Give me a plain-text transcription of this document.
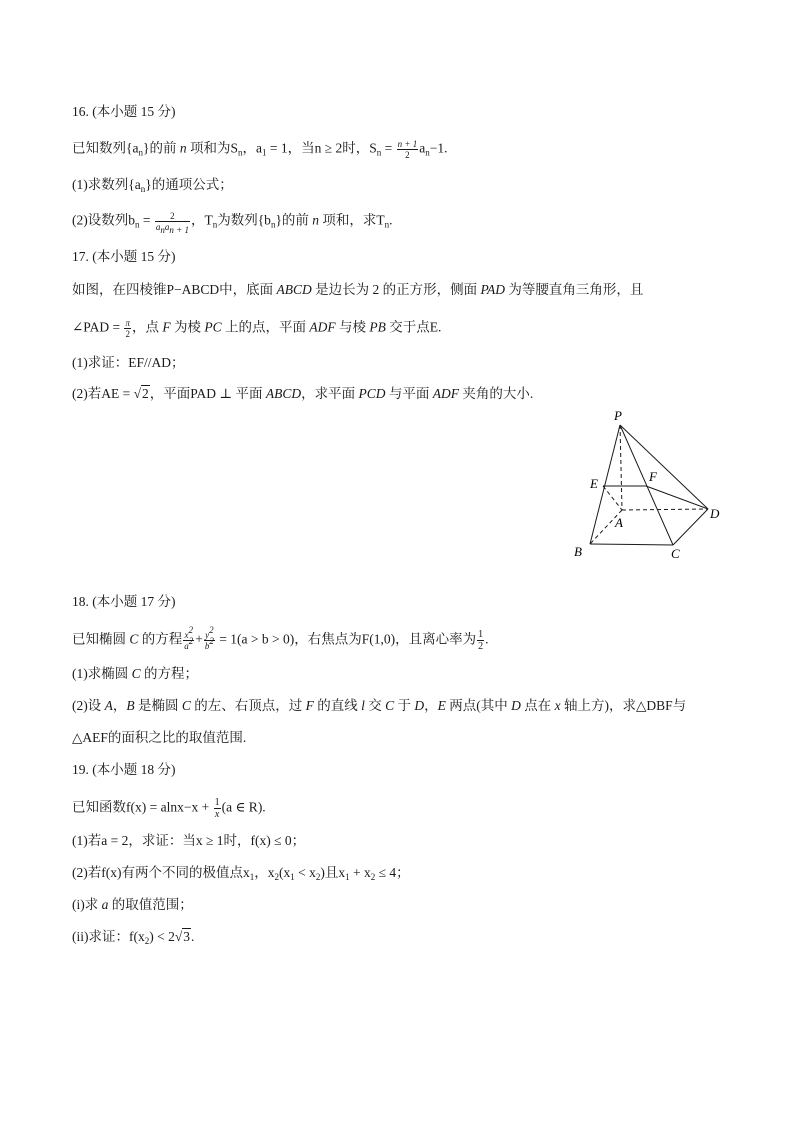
16. (本小题 15 分)
已知数列$\{a_n\}$的前 n 项和为$S_n$，$a_1 = 1$，当n ≥ 2时，$S_n = \frac{n + 1}{2} a_n-1$.
(1)求数列$\{a_n\}$的通项公式；
(2)设数列$b_n = \frac{2}{a_na_{n + 1}}$ ，$T_n$为数列$\{b_n\}$的前 n 项和，求$T_n$.
17. (本小题 15 分)
如图，在四棱锥P−ABCD中，底面 ABCD 是边长为 2 的正方形，侧面 PAD 为等腰直角三角形，且
∠PAD = $\frac{\pi}{2}$ ，点 F 为棱 PC 上的点，平面 ADF 与棱 PB 交于点E.
(1)求证：EF//AD；
(2)若AE = √2，平面PAD ⊥ 平面 ABCD，求平面 PCD 与平面 ADF 夹角的大小.
P
E	F
A
D
B	C
18. (本小题 17 分)
已知椭圆 C 的方程 $\frac{x^2}{a^2} + \frac{y^2}{b^2} = 1(a > b > 0)$，右焦点为F(1,0)，且离心率为 $\frac{1}{2}$ .
(1)求椭圆 C 的方程；
(2)设 A，B 是椭圆 C 的左、右顶点，过 F 的直线 l 交 C 于 D，E 两点(其中 D 点在 x 轴上方)，求△DBF与
△AEF的面积之比的取值范围.
19. (本小题 18 分)
已知函数$f(x) = alnx-x + \frac{1}{x} (a$ ∈ R).
(1)若a = 2，求证：当x ≥ 1时，f(x) ≤ 0；
(2)若f(x)有两个不同的极值点$x_1$，$x_2(x_1 < x_2)$且$x_1 + x_2 \le 4$；
(i)求 a 的取值范围；
(ii)求证：$f(x_2) < 2√3$.
